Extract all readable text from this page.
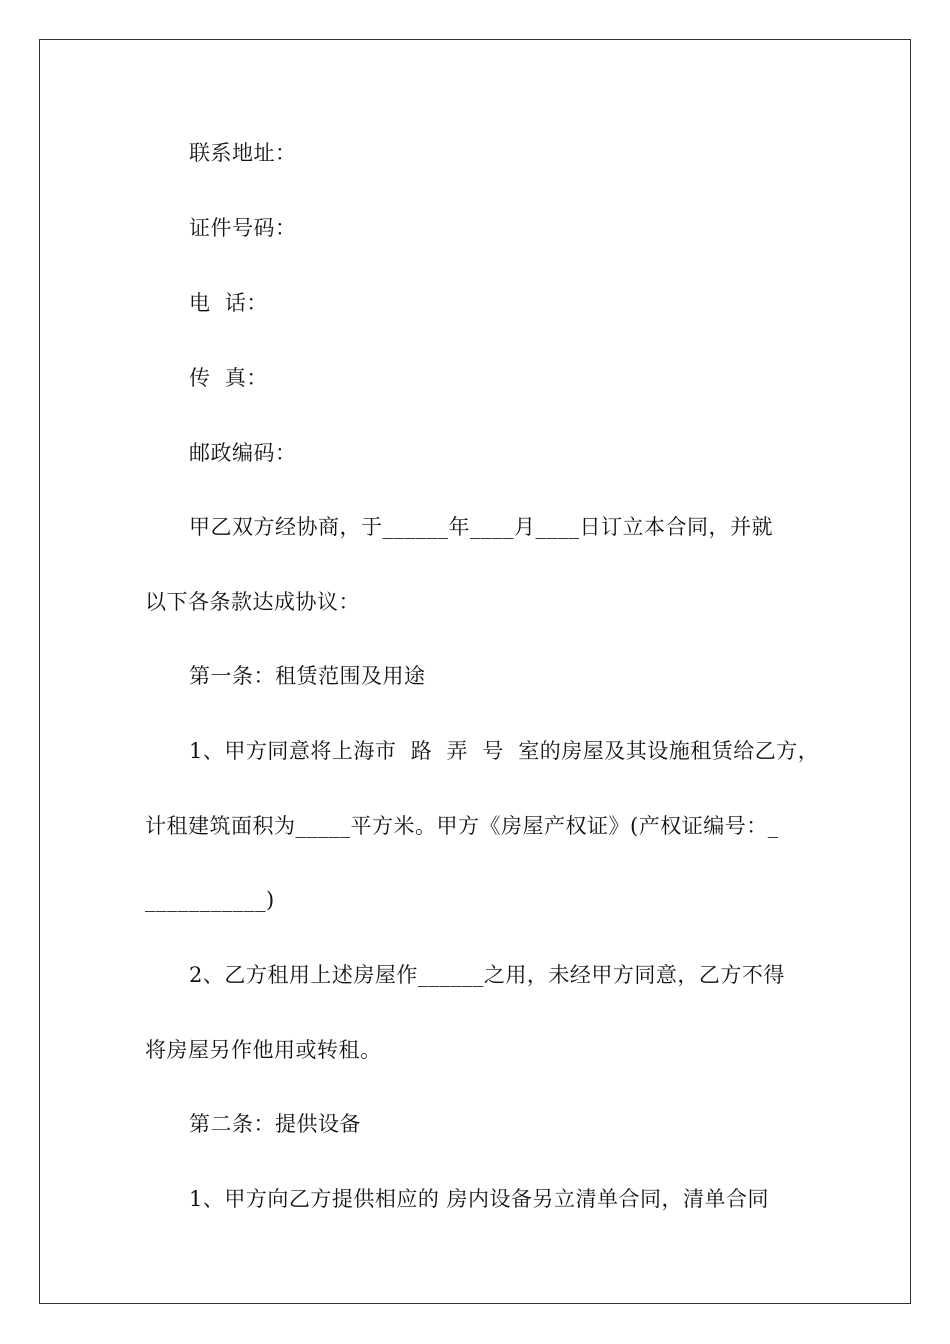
联系地址：
证件号码：
电  话：
传  真：
邮政编码：
甲乙双方经协商，于______年____月____日订立本合同，并就
以下各条款达成协议：
第一条：租赁范围及用途
1、甲方同意将上海市  路  弄  号  室的房屋及其设施租赁给乙方，
计租建筑面积为_____平方米。甲方《房屋产权证》(产权证编号：_
___________)
2、乙方租用上述房屋作______之用，未经甲方同意，乙方不得
将房屋另作他用或转租。
第二条：提供设备
1、甲方向乙方提供相应的 房内设备另立清单合同，清单合同
